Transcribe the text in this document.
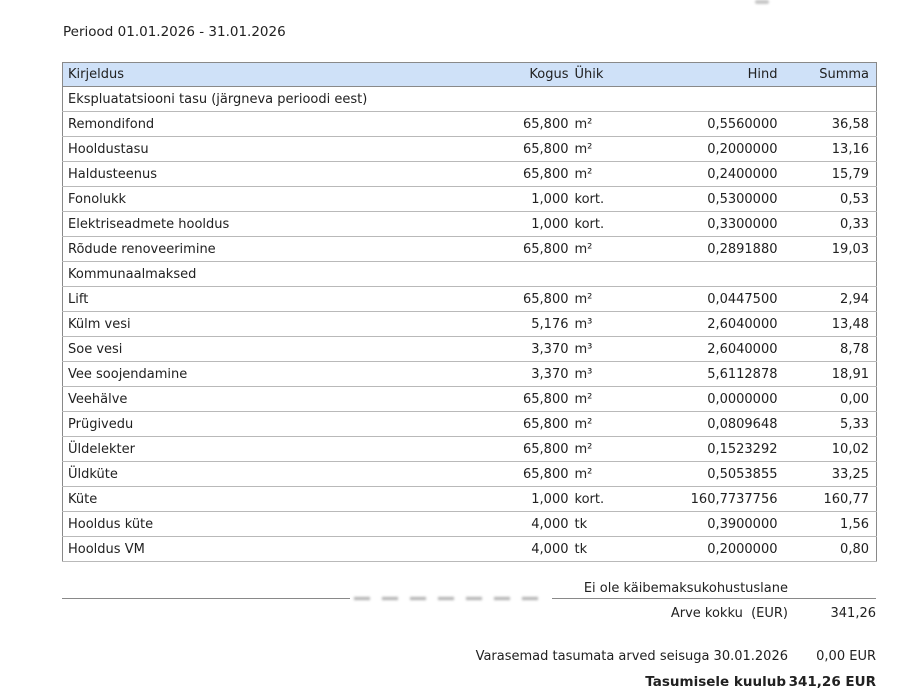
Periood 01.01.2026 - 31.01.2026
Kirjeldus	Kogus	Ühik	Hind	Summa
Ekspluatatsiooni tasu (järgneva perioodi eest)				
Remondifond	65,800	m²	0,5560000	36,58
Hooldustasu	65,800	m²	0,2000000	13,16
Haldusteenus	65,800	m²	0,2400000	15,79
Fonolukk	1,000	kort.	0,5300000	0,53
Elektriseadmete hooldus	1,000	kort.	0,3300000	0,33
Rõdude renoveerimine	65,800	m²	0,2891880	19,03
Kommunaalmaksed				
Lift	65,800	m²	0,0447500	2,94
Külm vesi	5,176	m³	2,6040000	13,48
Soe vesi	3,370	m³	2,6040000	8,78
Vee soojendamine	3,370	m³	5,6112878	18,91
Veehälve	65,800	m²	0,0000000	0,00
Prügivedu	65,800	m²	0,0809648	5,33
Üldelekter	65,800	m²	0,1523292	10,02
Üldküte	65,800	m²	0,5053855	33,25
Küte	1,000	kort.	160,7737756	160,77
Hooldus küte	4,000	tk	0,3900000	1,56
Hooldus VM	4,000	tk	0,2000000	0,80
Ei ole käibemaksukohustuslane
Arve kokku  (EUR)	341,26
Varasemad tasumata arved seisuga 30.01.2026	0,00 EUR
Tasumisele kuulub 341,26 EUR
